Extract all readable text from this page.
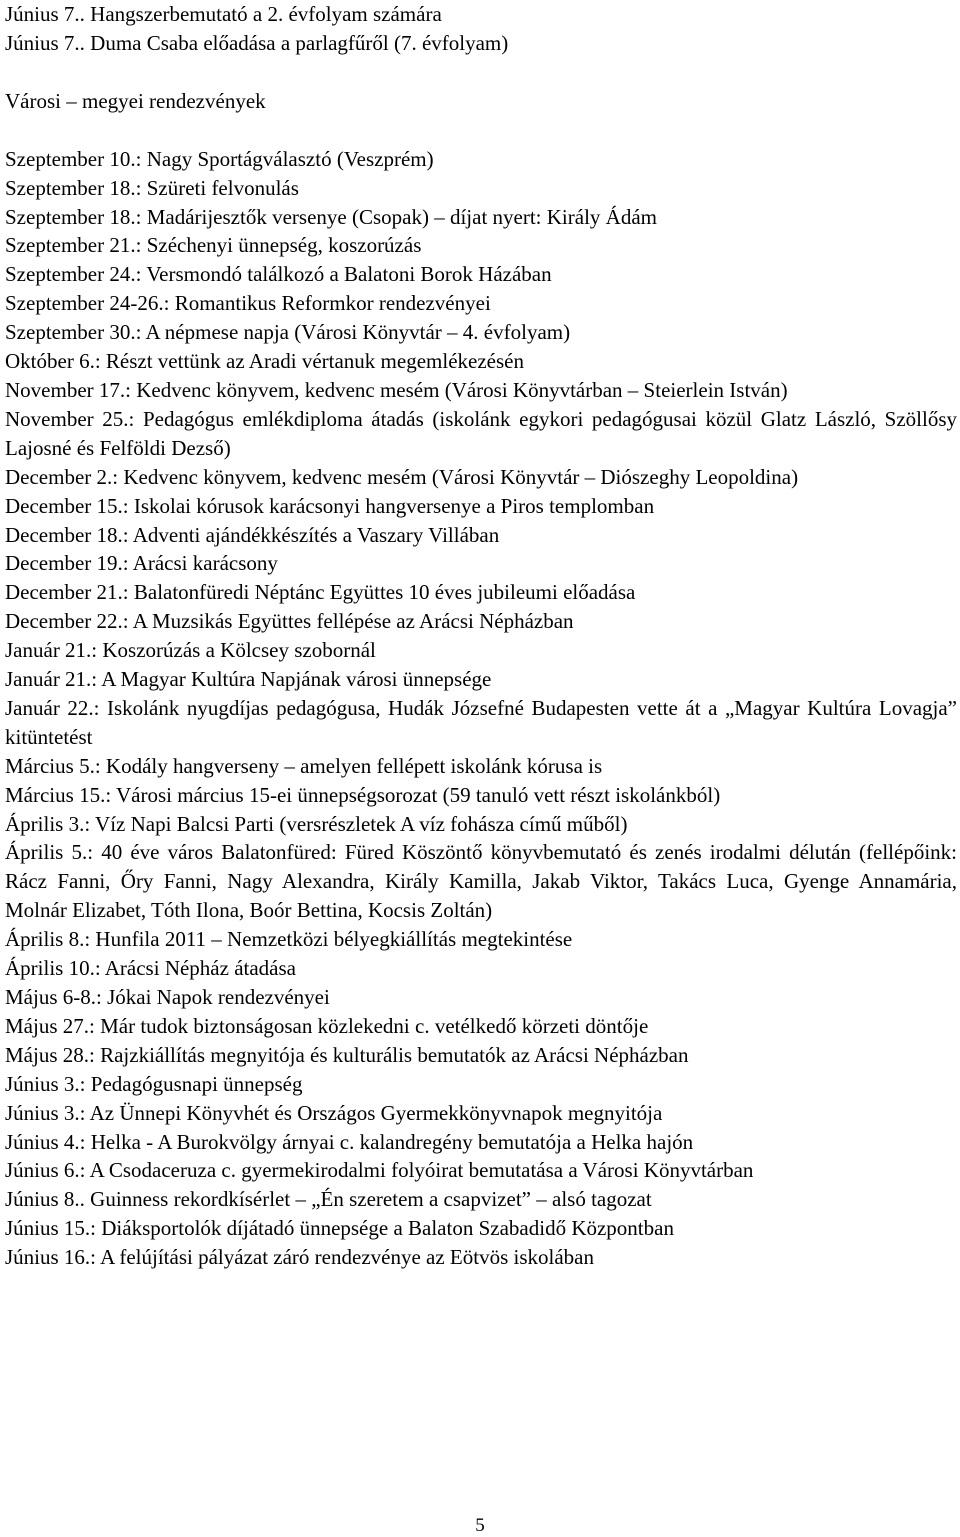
Június 7.. Hangszerbemutató a 2. évfolyam számára
Június 7.. Duma Csaba előadása a parlagfűről (7. évfolyam)
Városi – megyei rendezvények
Szeptember 10.: Nagy Sportágválasztó (Veszprém)
Szeptember 18.: Szüreti felvonulás
Szeptember 18.: Madárijesztők versenye (Csopak) – díjat nyert: Király Ádám
Szeptember 21.: Széchenyi ünnepség, koszorúzás
Szeptember 24.: Versmondó találkozó a Balatoni Borok Házában
Szeptember 24-26.: Romantikus Reformkor rendezvényei
Szeptember 30.: A népmese napja (Városi Könyvtár – 4. évfolyam)
Október 6.: Részt vettünk az Aradi vértanuk megemlékezésén
November 17.: Kedvenc könyvem, kedvenc mesém (Városi Könyvtárban – Steierlein István)
November 25.: Pedagógus emlékdiploma átadás (iskolánk egykori pedagógusai közül Glatz László, Szöllősy Lajosné és Felföldi Dezső)
December 2.: Kedvenc könyvem, kedvenc mesém (Városi Könyvtár – Diószeghy Leopoldina)
December 15.: Iskolai kórusok karácsonyi hangversenye a Piros templomban
December 18.: Adventi ajándékkészítés a Vaszary Villában
December 19.: Arácsi karácsony
December 21.: Balatonfüredi Néptánc Együttes 10 éves jubileumi előadása
December 22.: A Muzsikás Együttes fellépése az Arácsi Népházban
Január 21.: Koszorúzás a Kölcsey szobornál
Január 21.: A Magyar Kultúra Napjának városi ünnepsége
Január 22.: Iskolánk nyugdíjas pedagógusa, Hudák Józsefné Budapesten vette át a „Magyar Kultúra Lovagja” kitüntetést
Március 5.: Kodály hangverseny – amelyen fellépett iskolánk kórusa is
Március 15.: Városi március 15-ei ünnepségsorozat (59 tanuló vett részt iskolánkból)
Április 3.: Víz Napi Balcsi Parti (versrészletek A víz fohásza című műből)
Április 5.: 40 éve város Balatonfüred: Füred Köszöntő könyvbemutató és zenés irodalmi délután (fellépőink: Rácz Fanni, Őry Fanni, Nagy Alexandra, Király Kamilla, Jakab Viktor, Takács Luca, Gyenge Annamária, Molnár Elizabet, Tóth Ilona, Boór Bettina, Kocsis Zoltán)
Április 8.: Hunfila 2011 – Nemzetközi bélyegkiállítás megtekintése
Április 10.: Arácsi Népház átadása
Május 6-8.: Jókai Napok rendezvényei
Május 27.: Már tudok biztonságosan közlekedni c. vetélkedő körzeti döntője
Május 28.: Rajzkiállítás megnyitója és kulturális bemutatók az Arácsi Népházban
Június 3.: Pedagógusnapi ünnepség
Június 3.: Az Ünnepi Könyvhét és Országos Gyermekkönyvnapok megnyitója
Június 4.: Helka - A Burokvölgy árnyai c. kalandregény bemutatója a Helka hajón
Június 6.: A Csodaceruza c. gyermekirodalmi folyóirat bemutatása a Városi Könyvtárban
Június 8.. Guinness rekordkísérlet – „Én szeretem a csapvizet” – alsó tagozat
Június 15.: Diáksportolók díjátadó ünnepsége a Balaton Szabadidő Központban
Június 16.: A felújítási pályázat záró rendezvénye az Eötvös iskolában
5
